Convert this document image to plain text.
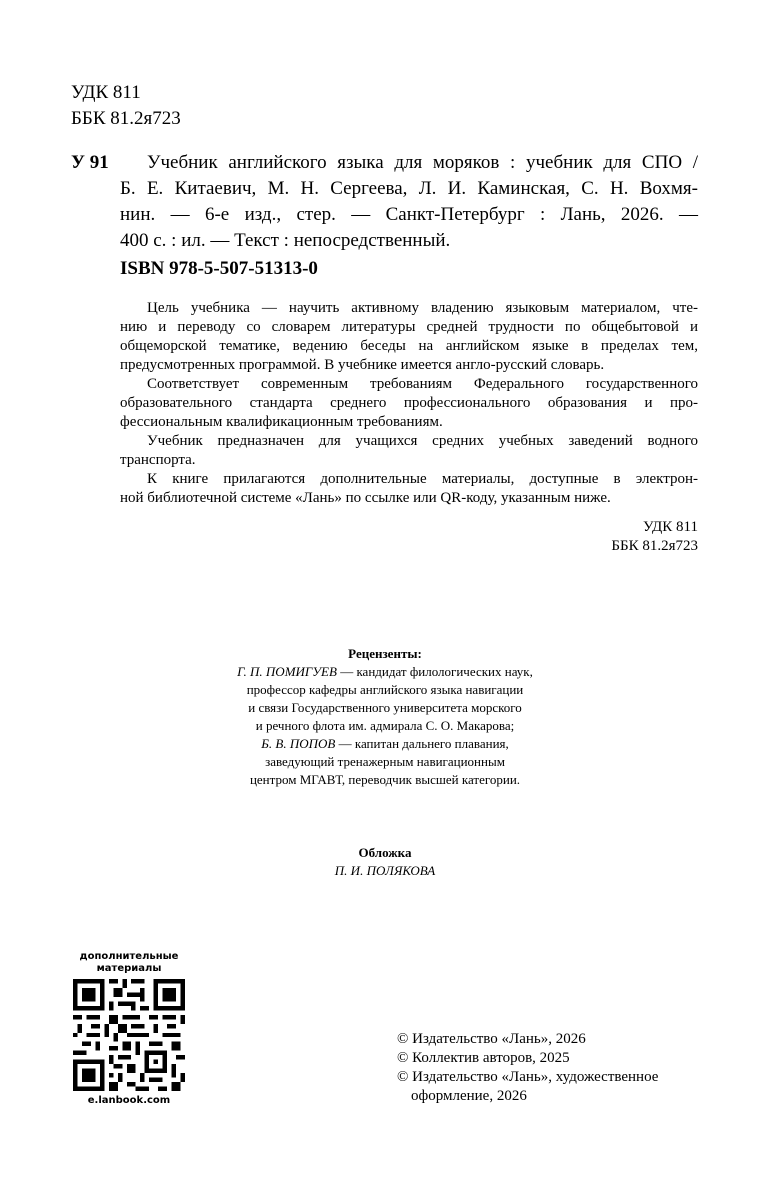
УДК 811
ББК 81.2я723
У 91	Учебник английского языка для моряков : учебник для СПО /
Б. Е. Китаевич, М. Н. Сергеева, Л. И. Каминская, С. Н. Вохмя-
нин. — 6-е изд., стер. — Санкт-Петербург : Лань, 2026. —
400 с. : ил. — Текст : непосредственный.
ISBN 978-5-507-51313-0
Цель учебника — научить активному владению языковым материалом, чте-
нию и переводу со словарем литературы средней трудности по общебытовой и
общеморской тематике, ведению беседы на английском языке в пределах тем,
предусмотренных программой. В учебнике имеется англо-русский словарь.
Соответствует современным требованиям Федерального государственного
образовательного стандарта среднего профессионального образования и про-
фессиональным квалификационным требованиям.
Учебник предназначен для учащихся средних учебных заведений водного
транспорта.
К книге прилагаются дополнительные материалы, доступные в электрон-
ной библиотечной системе «Лань» по ссылке или QR-коду, указанным ниже.
УДК 811
ББК 81.2я723
Рецензенты:
Г. П. ПОМИГУЕВ — кандидат филологических наук,
профессор кафедры английского языка навигации
и связи Государственного университета морского
и речного флота им. адмирала С. О. Макарова;
Б. В. ПОПОВ — капитан дальнего плавания,
заведующий тренажерным навигационным
центром МГАВТ, переводчик высшей категории.
Обложка
П. И. ПОЛЯКОВА
дополнительные
материалы
e.lanbook.com
© Издательство «Лань», 2026
© Коллектив авторов, 2025
© Издательство «Лань», художественное
оформление, 2026
